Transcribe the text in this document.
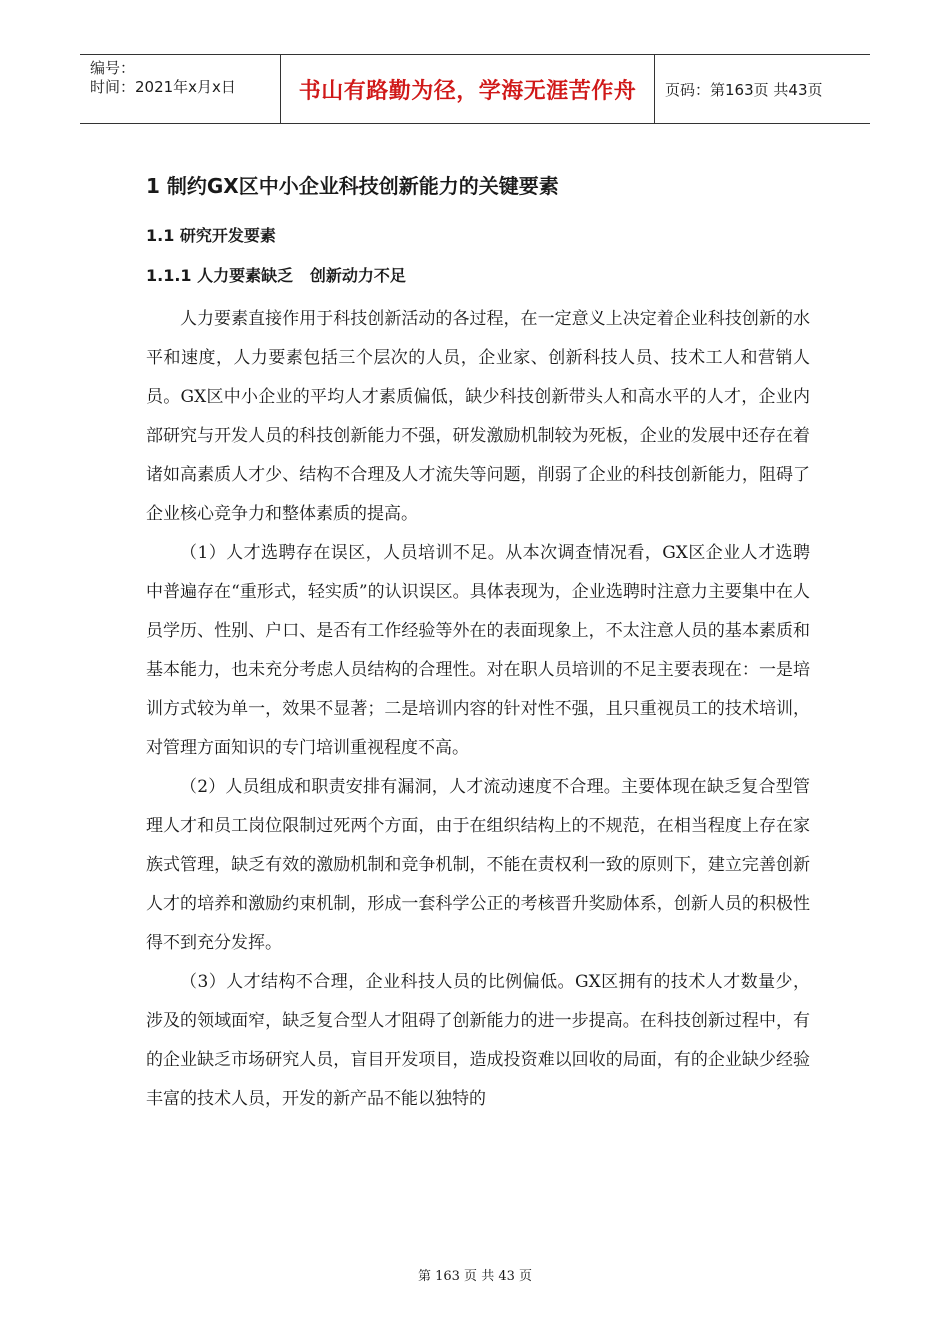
编号：
时间：2021年x月x日	书山有路勤为径，学海无涯苦作舟 页码：第163页 共43页
1 制约GX区中小企业科技创新能力的关键要素
1.1 研究开发要素
1.1.1 人力要素缺乏   创新动力不足

人力要素直接作用于科技创新活动的各过程，在一定意义上决定着企业科技创新的水平和速度，人力要素包括三个层次的人员，企业家、创新科技人员、技术工人和营销人员。GX区中小企业的平均人才素质偏低，缺少科技创新带头人和高水平的人才，企业内部研究与开发人员的科技创新能力不强，研发激励机制较为死板，企业的发展中还存在着诸如高素质人才少、结构不合理及人才流失等问题，削弱了企业的科技创新能力，阻碍了企业核心竞争力和整体素质的提高。

（1）人才选聘存在误区，人员培训不足。从本次调查情况看，GX区企业人才选聘中普遍存在“重形式，轻实质”的认识误区。具体表现为，企业选聘时注意力主要集中在人员学历、性别、户口、是否有工作经验等外在的表面现象上，不太注意人员的基本素质和基本能力，也未充分考虑人员结构的合理性。对在职人员培训的不足主要表现在：一是培训方式较为单一，效果不显著；二是培训内容的针对性不强，且只重视员工的技术培训，对管理方面知识的专门培训重视程度不高。

（2）人员组成和职责安排有漏洞，人才流动速度不合理。主要体现在缺乏复合型管理人才和员工岗位限制过死两个方面，由于在组织结构上的不规范，在相当程度上存在家族式管理，缺乏有效的激励机制和竞争机制，不能在责权利一致的原则下，建立完善创新人才的培养和激励约束机制，形成一套科学公正的考核晋升奖励体系，创新人员的积极性得不到充分发挥。

（3）人才结构不合理，企业科技人员的比例偏低。GX区拥有的技术人才数量少，涉及的领域面窄，缺乏复合型人才阻碍了创新能力的进一步提高。在科技创新过程中，有的企业缺乏市场研究人员，盲目开发项目，造成投资难以回收的局面，有的企业缺少经验丰富的技术人员，开发的新产品不能以独特的

第 163 页 共 43 页
